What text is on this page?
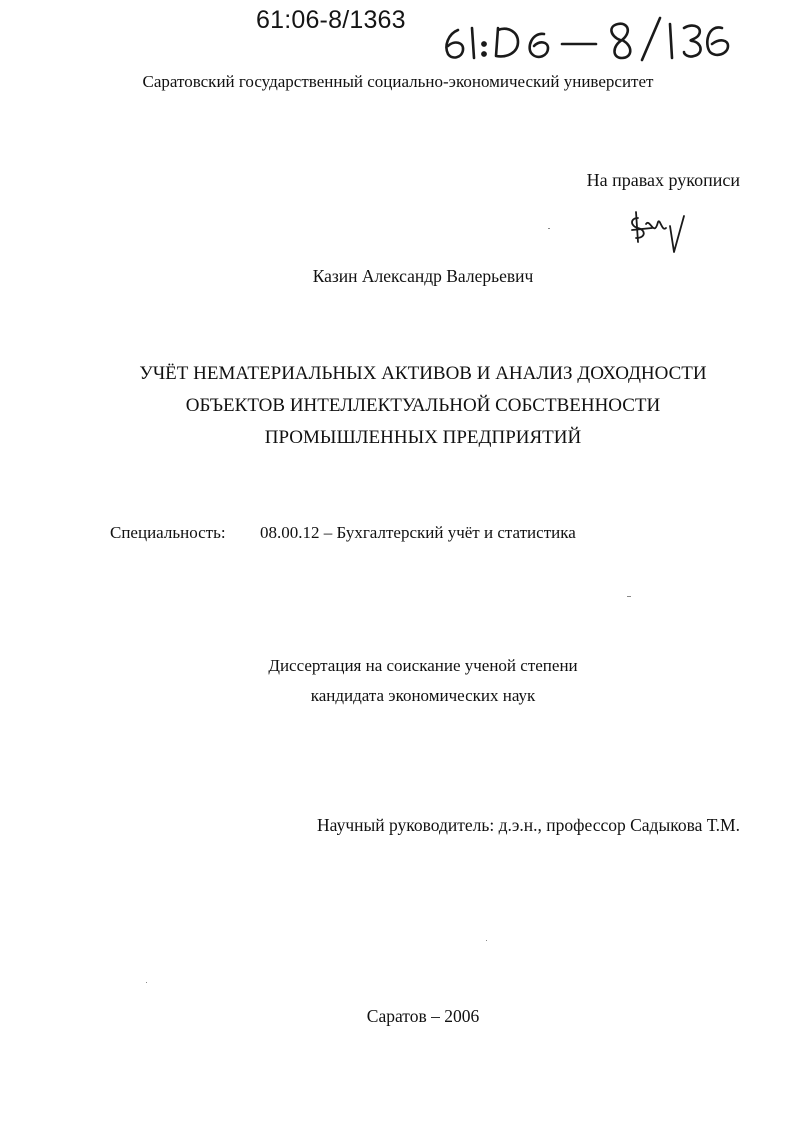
61:06-8/1363
Саратовский государственный социально-экономический университет
На правах рукописи
Казин Александр Валерьевич
УЧЁТ НЕМАТЕРИАЛЬНЫХ АКТИВОВ И АНАЛИЗ ДОХОДНОСТИ
ОБЪЕКТОВ ИНТЕЛЛЕКТУАЛЬНОЙ СОБСТВЕННОСТИ
ПРОМЫШЛЕННЫХ ПРЕДПРИЯТИЙ
Специальность: 08.00.12 – Бухгалтерский учёт и статистика
Диссертация на соискание ученой степени
кандидата экономических наук
Научный руководитель: д.э.н., профессор Садыкова Т.М.
Саратов – 2006
